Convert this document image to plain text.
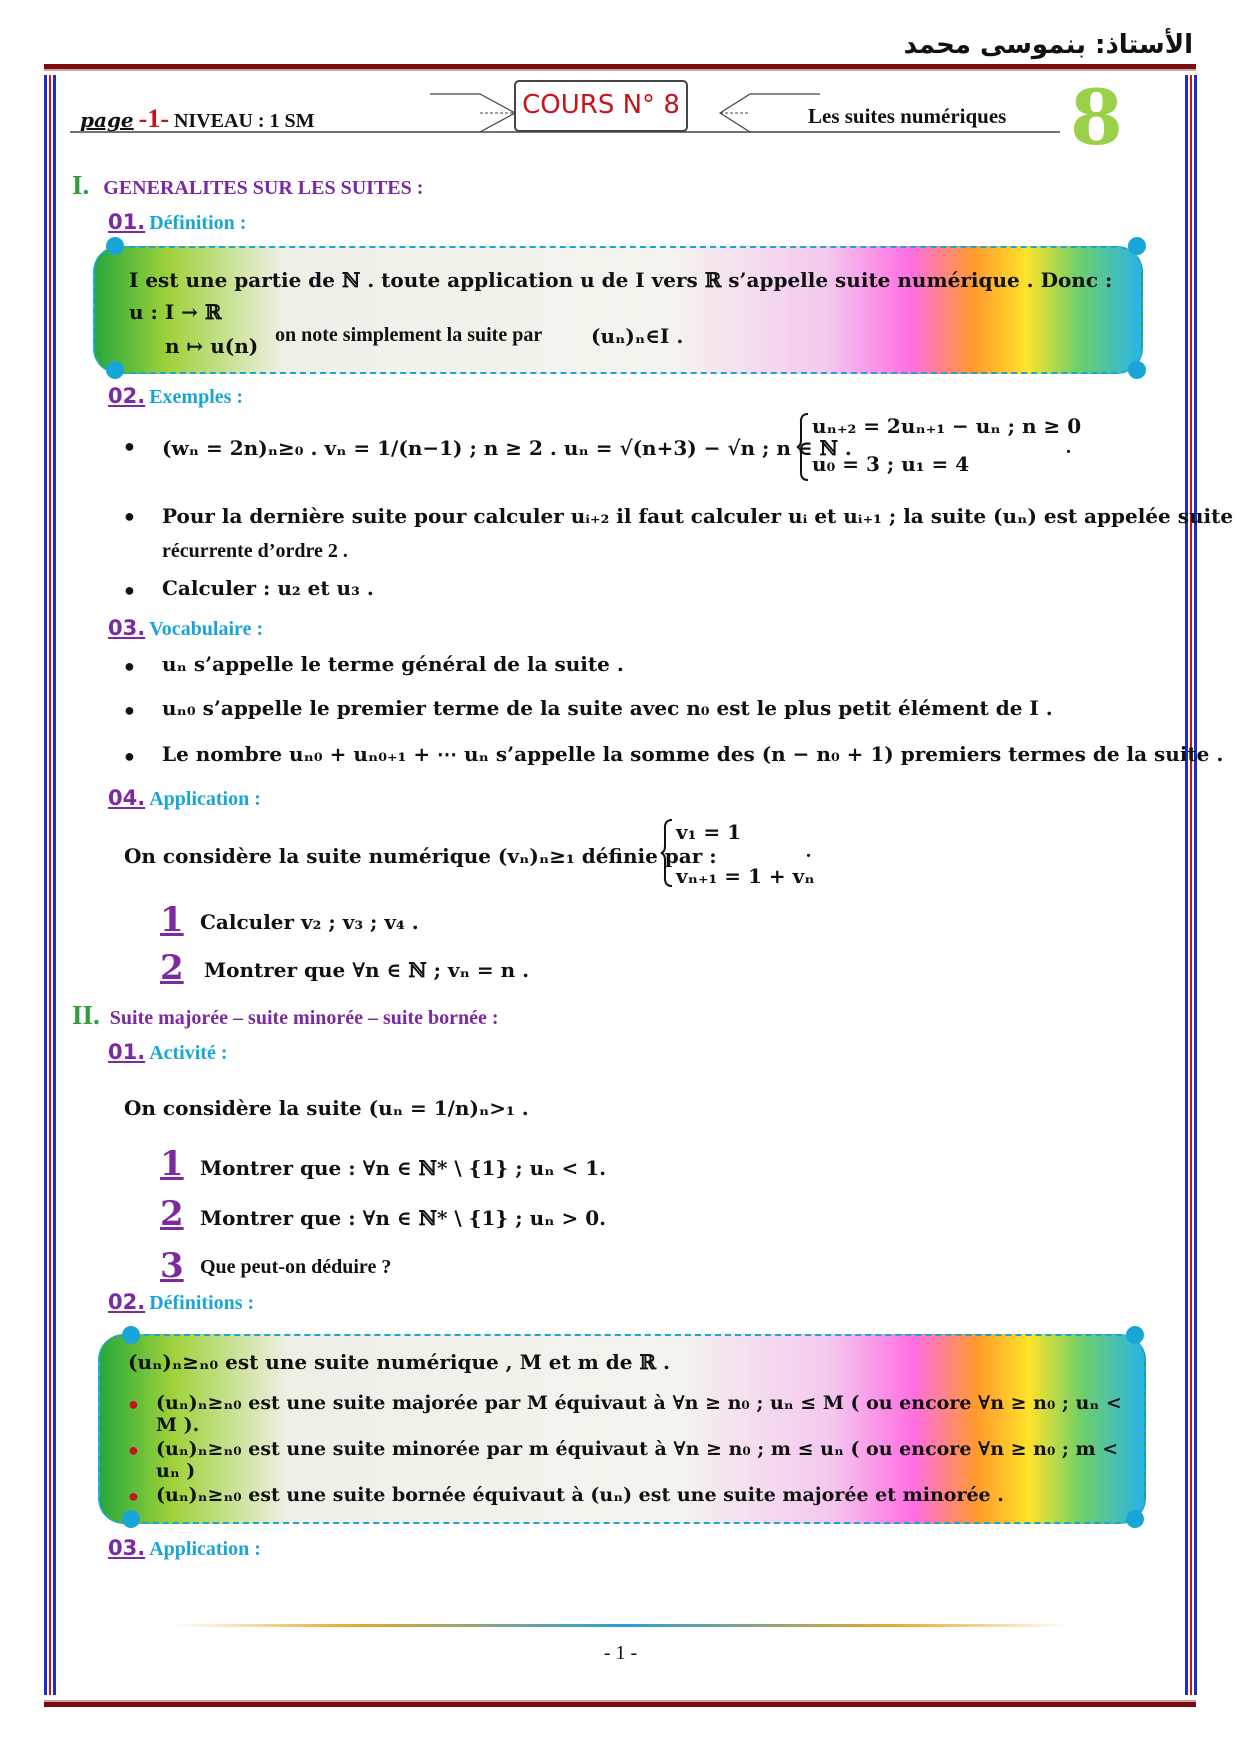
الأستاذ: بنموسى محمد
page -1- NIVEAU : 1 SM
COURS N° 8	Les suites numériques 8
I. GENERALITES SUR LES SUITES :
01. Définition :
I est une partie de ℕ . toute application u de I vers ℝ s’appelle suite numérique . Donc :
u : I → ℝ
n ↦ u(n) on note simplement la suite par (uₙ)ₙ∈I .
02. Exemples :
● (wₙ = 2n)ₙ≥₀ . vₙ = 1/(n−1) ; n ≥ 2 . uₙ = √(n+3) − √n ; n ∈ ℕ .
uₙ₊₂ = 2uₙ₊₁ − uₙ ; n ≥ 0
u₀ = 3 ; u₁ = 4
.
● Pour la dernière suite pour calculer uᵢ₊₂ il faut calculer uᵢ et uᵢ₊₁ ; la suite (uₙ) est appelée suite
récurrente d’ordre 2 .
● Calculer : u₂ et u₃ .
03. Vocabulaire :
● uₙ s’appelle le terme général de la suite .
● uₙ₀ s’appelle le premier terme de la suite avec n₀ est le plus petit élément de I .
● Le nombre uₙ₀ + uₙ₀₊₁ + ⋯ uₙ s’appelle la somme des (n − n₀ + 1) premiers termes de la suite .
04. Application :
On considère la suite numérique (vₙ)ₙ≥₁ définie par :
v₁ = 1
vₙ₊₁ = 1 + vₙ
.
1 Calculer v₂ ; v₃ ; v₄ .
2 Montrer que ∀n ∈ ℕ ; vₙ = n .
II. Suite majorée – suite minorée – suite bornée :
01. Activité :
On considère la suite (uₙ = 1/n)ₙ>₁ .
1 Montrer que : ∀n ∈ ℕ* \ {1} ; uₙ < 1.
2 Montrer que : ∀n ∈ ℕ* \ {1} ; uₙ > 0.
3 Que peut-on déduire ?
02. Définitions :
(uₙ)ₙ≥ₙ₀ est une suite numérique , M et m de ℝ .
● (uₙ)ₙ≥ₙ₀ est une suite majorée par M équivaut à ∀n ≥ n₀ ; uₙ ≤ M ( ou encore ∀n ≥ n₀ ; uₙ < M ).
● (uₙ)ₙ≥ₙ₀ est une suite minorée par m équivaut à ∀n ≥ n₀ ; m ≤ uₙ ( ou encore ∀n ≥ n₀ ; m < uₙ )
● (uₙ)ₙ≥ₙ₀ est une suite bornée équivaut à (uₙ) est une suite majorée et minorée .
03. Application :
- 1 -
